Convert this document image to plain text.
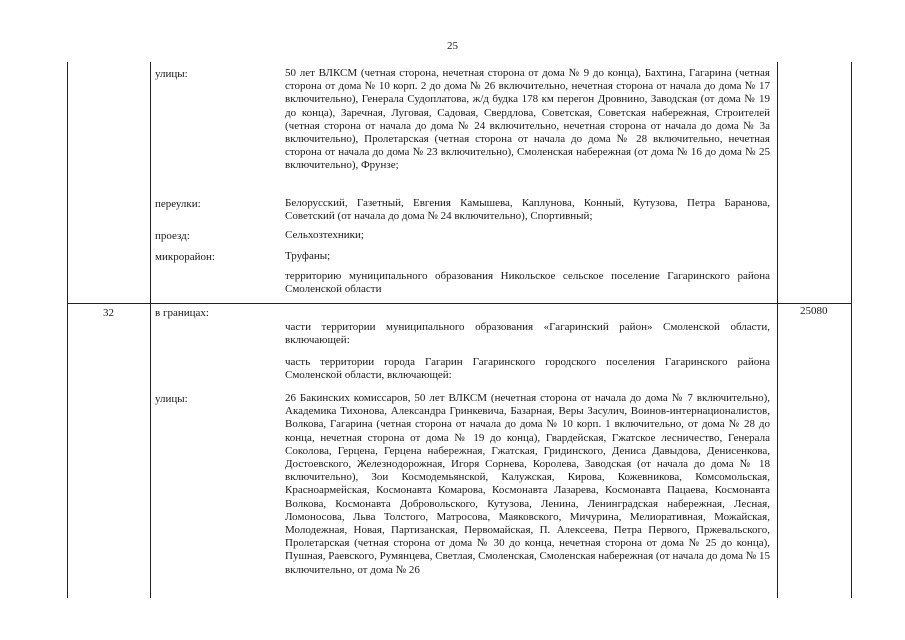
25
улицы:	50 лет ВЛКСМ (четная сторона, нечетная сторона от дома № 9 до конца), Бахтина, Гагарина (четная сторона от дома № 10 корп. 2 до дома № 26 включительно, нечетная сторона от начала до дома № 17 включительно), Генерала Судоплатова, ж/д будка 178 км перегон Дровнино, Заводская (от дома № 19 до конца), Заречная, Луговая, Садовая, Свердлова, Советская, Советская набережная, Строителей (четная сторона от начала до дома № 24 включительно, нечетная сторона от начала до дома № 3а включительно), Пролетарская (четная сторона от начала до дома № 28 включительно, нечетная сторона от начала до дома № 23 включительно), Смоленская набережная (от дома № 16 до дома № 25 включительно), Фрунзе;
переулки:	Белорусский, Газетный, Евгения Камышева, Каплунова, Конный, Кутузова, Петра Баранова, Советский (от начала до дома № 24 включительно), Спортивный;
проезд:	Сельхозтехники;
микрорайон:	Труфаны;
территорию муниципального образования Никольское сельское поселение Гагаринского района Смоленской области
32	в границах:	25080
части территории муниципального образования «Гагаринский район» Смоленской области, включающей:
часть территории города Гагарин Гагаринского городского поселения Гагаринского района Смоленской области, включающей:
улицы:	26 Бакинских комиссаров, 50 лет ВЛКСМ (нечетная сторона от начала до дома № 7 включительно), Академика Тихонова, Александра Гринкевича, Базарная, Веры Засулич, Воинов-интернационалистов, Волкова, Гагарина (четная сторона от начала до дома № 10 корп. 1 включительно, от дома № 28 до конца, нечетная сторона от дома № 19 до конца), Гвардейская, Гжатское лесничество, Генерала Соколова, Герцена, Герцена набережная, Гжатская, Гридинского, Дениса Давыдова, Денисенкова, Достоевского, Железнодорожная, Игоря Сорнева, Королева, Заводская (от начала до дома № 18 включительно), Зои Космодемьянской, Калужская, Кирова, Кожевникова, Комсомольская, Красноармейская, Космонавта Комарова, Космонавта Лазарева, Космонавта Пацаева, Космонавта Волкова, Космонавта Добровольского, Кутузова, Ленина, Ленинградская набережная, Лесная, Ломоносова, Льва Толстого, Матросова, Маяковского, Мичурина, Мелиоративная, Можайская, Молодежная, Новая, Партизанская, Первомайская, П. Алексеева, Петра Первого, Пржевальского, Пролетарская (четная сторона от дома № 30 до конца, нечетная сторона от дома № 25 до конца), Пушная, Раевского, Румянцева, Светлая, Смоленская, Смоленская набережная (от начала до дома № 15 включительно, от дома № 26
